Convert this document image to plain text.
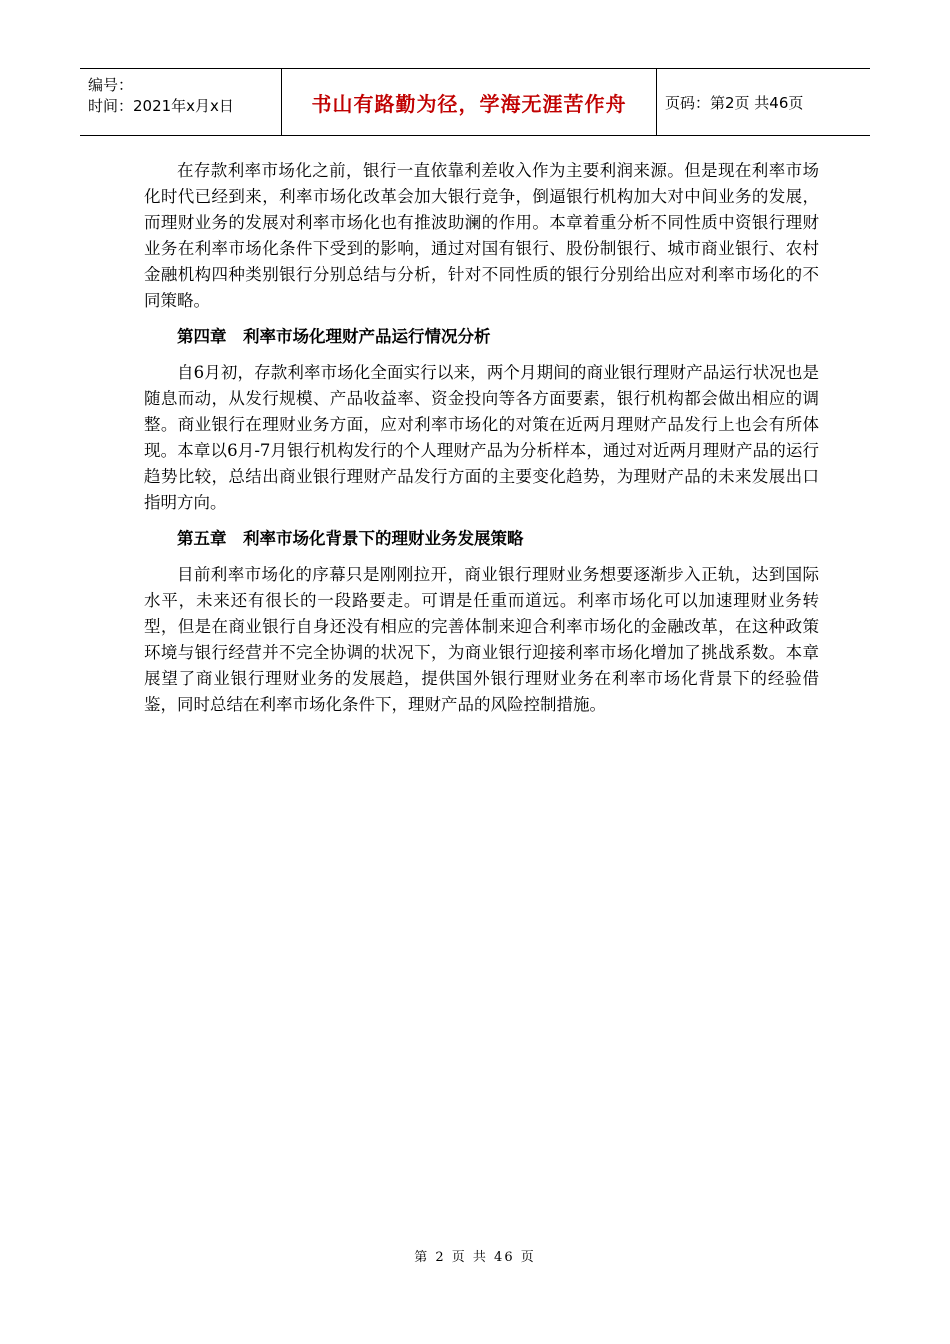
编号：
时间：2021年x月x日	书山有路勤为径，学海无涯苦作舟	页码：第2页 共46页

在存款利率市场化之前，银行一直依靠利差收入作为主要利润来源。但是现在利率市场化时代已经到来，利率市场化改革会加大银行竞争，倒逼银行机构加大对中间业务的发展，而理财业务的发展对利率市场化也有推波助澜的作用。本章着重分析不同性质中资银行理财业务在利率市场化条件下受到的影响，通过对国有银行、股份制银行、城市商业银行、农村金融机构四种类别银行分别总结与分析，针对不同性质的银行分别给出应对利率市场化的不同策略。

第四章　利率市场化理财产品运行情况分析

自6月初，存款利率市场化全面实行以来，两个月期间的商业银行理财产品运行状况也是随息而动，从发行规模、产品收益率、资金投向等各方面要素，银行机构都会做出相应的调整。商业银行在理财业务方面，应对利率市场化的对策在近两月理财产品发行上也会有所体现。本章以6月-7月银行机构发行的个人理财产品为分析样本，通过对近两月理财产品的运行趋势比较，总结出商业银行理财产品发行方面的主要变化趋势，为理财产品的未来发展出口指明方向。

第五章　利率市场化背景下的理财业务发展策略

目前利率市场化的序幕只是刚刚拉开，商业银行理财业务想要逐渐步入正轨，达到国际水平，未来还有很长的一段路要走。可谓是任重而道远。利率市场化可以加速理财业务转型，但是在商业银行自身还没有相应的完善体制来迎合利率市场化的金融改革，在这种政策环境与银行经营并不完全协调的状况下，为商业银行迎接利率市场化增加了挑战系数。本章展望了商业银行理财业务的发展趋，提供国外银行理财业务在利率市场化背景下的经验借鉴，同时总结在利率市场化条件下，理财产品的风险控制措施。

第 2 页 共 46 页
